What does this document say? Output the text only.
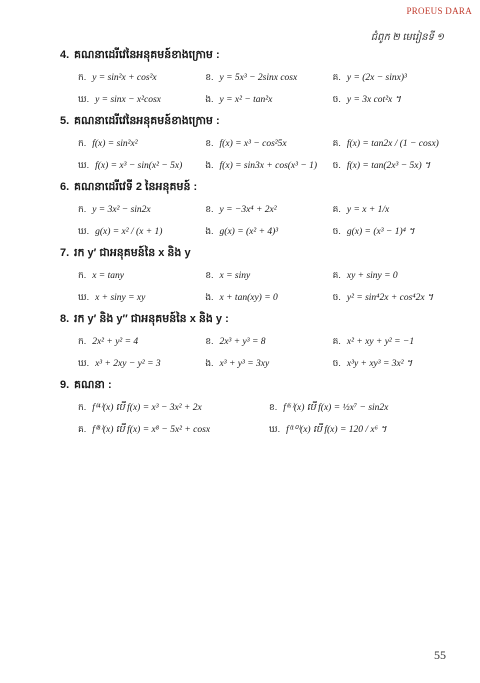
PROEUS DARA
ជំពូក ២ មេរៀនទី ១
4. គណនាដេរីវេនៃអនុគមន៍ខាងក្រោម :
ក. y = sin²x + cos²x	ខ. y = 5x³ − 2sinx cosx	គ. y = (2x − sinx)³
ឃ. y = sinx − x²cosx	ង. y = x² − tan²x	ច. y = 3x cot²x ។
5. គណនាដេរីវេនៃអនុគមន៍ខាងក្រោម :
ក. f(x) = sin²x²	ខ. f(x) = x³ − cos²5x	គ. f(x) = tan2x / (1 − cosx)
ឃ. f(x) = x³ − sin(x² − 5x)	ង. f(x) = sin3x + cos(x³ − 1)	ច. f(x) = tan(2x³ − 5x) ។
6. គណនាដេរីវេទី 2 នៃអនុគមន៍ :
ក. y = 3x² − sin2x	ខ. y = −3x⁴ + 2x²	គ. y = x + 1/x
ឃ. g(x) = x² / (x + 1)	ង. g(x) = (x² + 4)³	ច. g(x) = (x³ − 1)⁴ ។
7. រក y′ ជាអនុគមន៍នៃ x និង y
ក. x = tany	ខ. x = siny	គ. xy + siny = 0
ឃ. x + siny = xy	ង. x + tan(xy) = 0	ច. y² = sin⁴2x + cos⁴2x ។
8. រក y′ និង y″ ជាអនុគមន៍នៃ x និង y :
ក. 2x² + y² = 4	ខ. 2x³ + y³ = 8	គ. x² + xy + y² = −1
ឃ. x³ + 2xy − y² = 3	ង. x³ + y³ = 3xy	ច. x³y + xy³ = 3x² ។
9. គណនា :
ក. f⁽⁴⁾(x) បើ f(x) = x³ − 3x² + 2x	ខ. f⁽⁶⁾(x) បើ f(x) = ½x⁷ − sin2x
គ. f⁽⁸⁾(x) បើ f(x) = x⁸ − 5x² + cosx	ឃ. f⁽¹⁰⁾(x) បើ f(x) = 120 / x⁶ ។
55
